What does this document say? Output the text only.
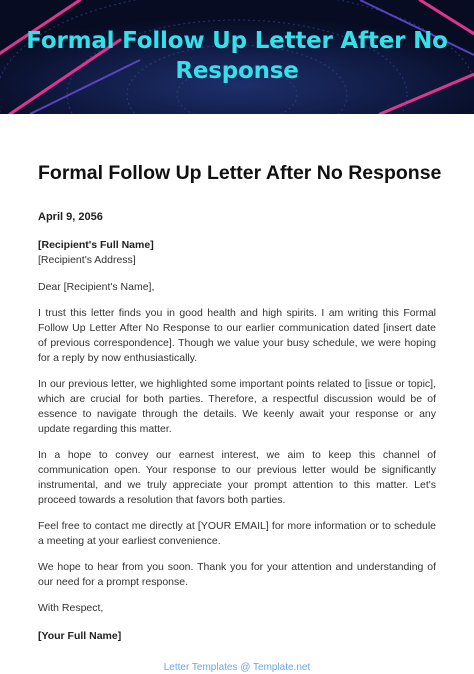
Formal Follow Up Letter After No Response
Formal Follow Up Letter After No Response
April 9, 2056
[Recipient's Full Name]
[Recipient's Address]
Dear [Recipient's Name],
I trust this letter finds you in good health and high spirits. I am writing this Formal Follow Up Letter After No Response to our earlier communication dated [insert date of previous correspondence]. Though we value your busy schedule, we were hoping for a reply by now enthusiastically.
In our previous letter, we highlighted some important points related to [issue or topic], which are crucial for both parties. Therefore, a respectful discussion would be of essence to navigate through the details. We keenly await your response or any update regarding this matter.
In a hope to convey our earnest interest, we aim to keep this channel of communication open. Your response to our previous letter would be significantly instrumental, and we truly appreciate your prompt attention to this matter. Let's proceed towards a resolution that favors both parties.
Feel free to contact me directly at [YOUR EMAIL] for more information or to schedule a meeting at your earliest convenience.
We hope to hear from you soon. Thank you for your attention and understanding of our need for a prompt response.
With Respect,
[Your Full Name]
Letter Templates @ Template.net
